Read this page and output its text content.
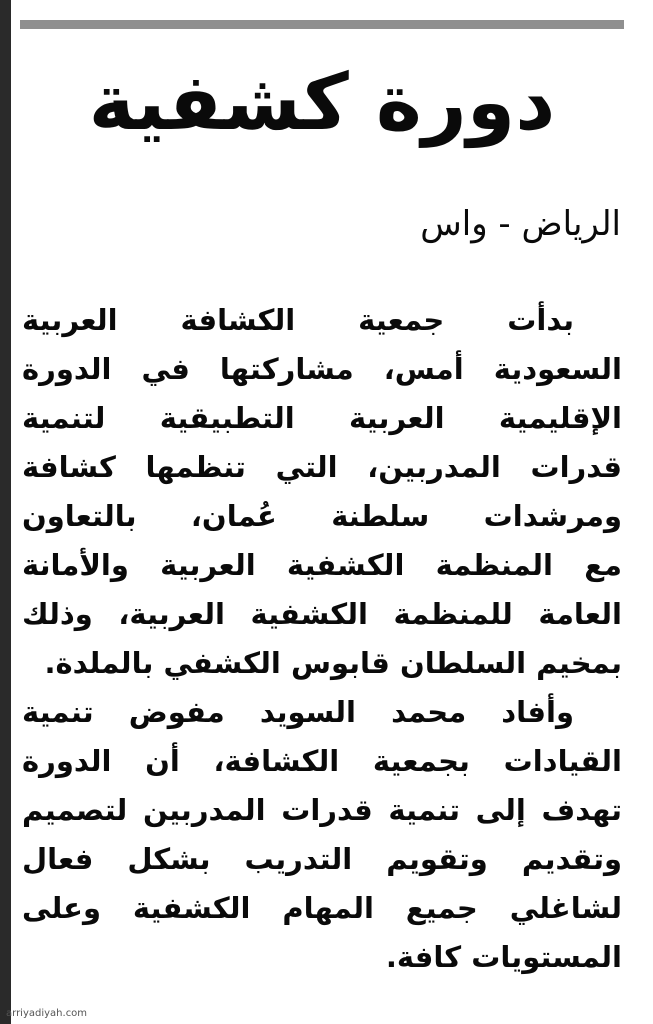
دورة كشفية
الرياض - واس
بدأت جمعية الكشافة العربية
السعودية أمس، مشاركتها في الدورة
الإقليمية العربية التطبيقية لتنمية
قدرات المدربين، التي تنظمها كشافة
ومرشدات سلطنة عُمان، بالتعاون
مع المنظمة الكشفية العربية والأمانة
العامة للمنظمة الكشفية العربية، وذلك
بمخيم السلطان قابوس الكشفي بالملدة.
وأفاد محمد السويد مفوض تنمية
القيادات بجمعية الكشافة، أن الدورة
تهدف إلى تنمية قدرات المدربين لتصميم
وتقديم وتقويم التدريب بشكل فعال
لشاغلي جميع المهام الكشفية وعلى
المستويات كافة.
arriyadiyah.com
